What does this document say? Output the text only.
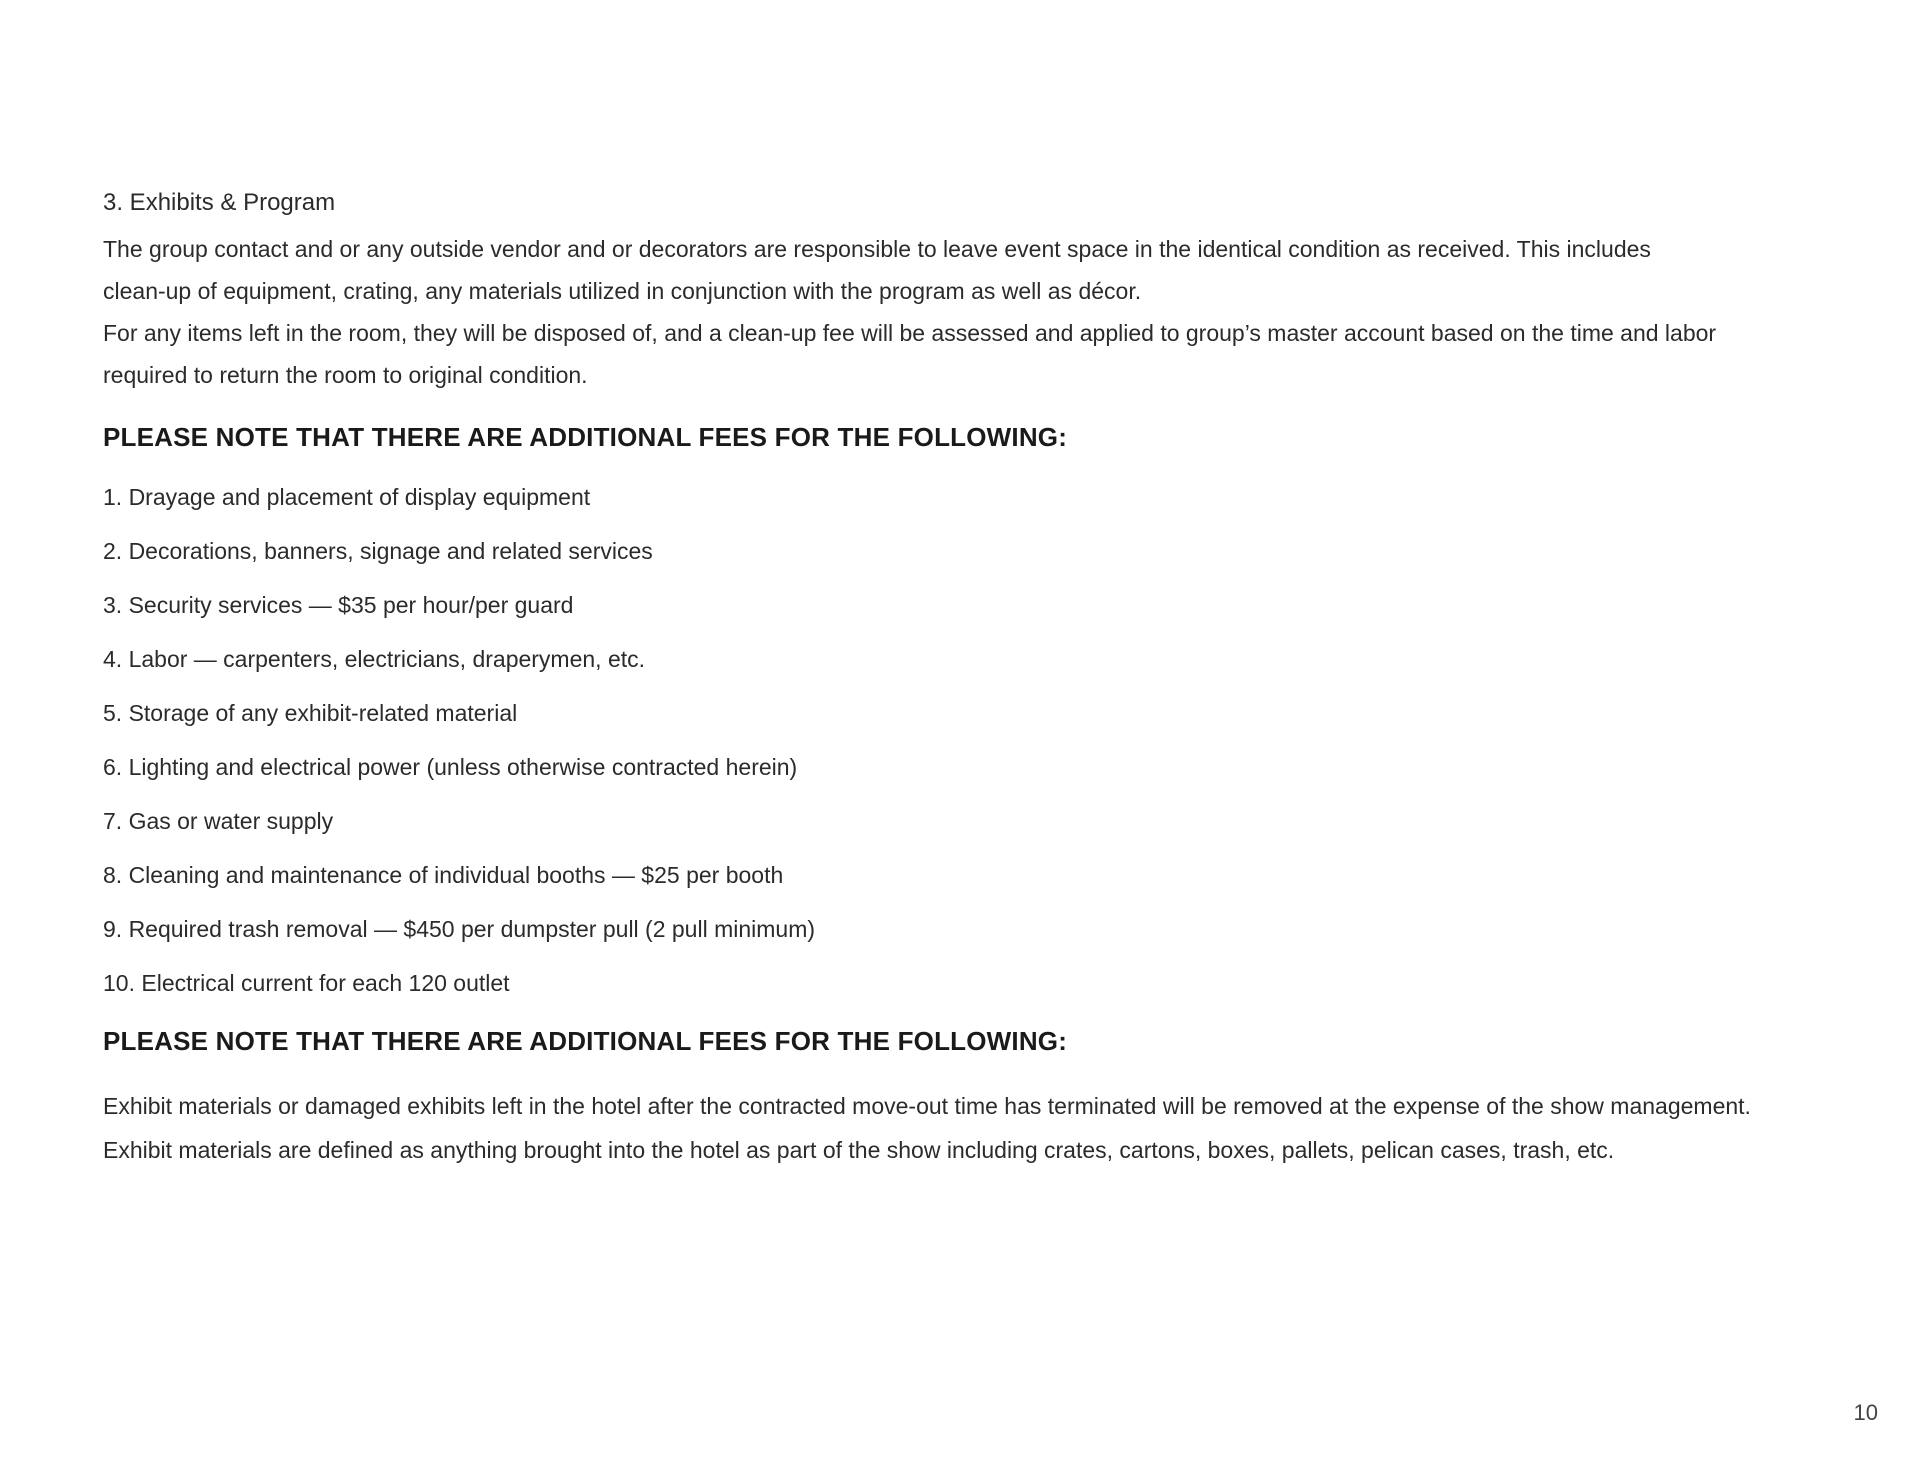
3. Exhibits & Program

The group contact and or any outside vendor and or decorators are responsible to leave event space in the identical condition as received. This includes clean-up of equipment, crating, any materials utilized in conjunction with the program as well as décor.

For any items left in the room, they will be disposed of, and a clean-up fee will be assessed and applied to group’s master account based on the time and labor required to return the room to original condition.

PLEASE NOTE THAT THERE ARE ADDITIONAL FEES FOR THE FOLLOWING:
1. Drayage and placement of display equipment
2. Decorations, banners, signage and related services
3. Security services — $35 per hour/per guard
4. Labor — carpenters, electricians, draperymen, etc.
5. Storage of any exhibit-related material
6. Lighting and electrical power (unless otherwise contracted herein)
7. Gas or water supply
8. Cleaning and maintenance of individual booths — $25 per booth
9. Required trash removal — $450 per dumpster pull (2 pull minimum)
10. Electrical current for each 120 outlet
PLEASE NOTE THAT THERE ARE ADDITIONAL FEES FOR THE FOLLOWING:

Exhibit materials or damaged exhibits left in the hotel after the contracted move-out time has terminated will be removed at the expense of the show management. Exhibit materials are defined as anything brought into the hotel as part of the show including crates, cartons, boxes, pallets, pelican cases, trash, etc.

10
